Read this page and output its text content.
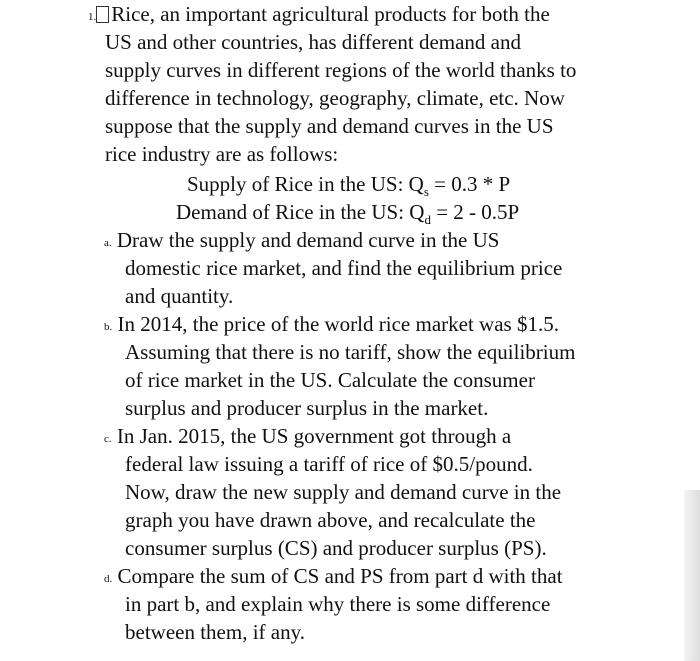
1. Rice, an important agricultural products for both the
US and other countries, has different demand and
supply curves in different regions of the world thanks to
difference in technology, geography, climate, etc. Now
suppose that the supply and demand curves in the US
rice industry are as follows:
Supply of Rice in the US: $Q_s = 0.3 * P$
Demand of Rice in the US: $Q_d = 2 - 0.5P$
a. Draw the supply and demand curve in the US
domestic rice market, and find the equilibrium price
and quantity.
b. In 2014, the price of the world rice market was $1.5.
Assuming that there is no tariff, show the equilibrium
of rice market in the US. Calculate the consumer
surplus and producer surplus in the market.
c. In Jan. 2015, the US government got through a
federal law issuing a tariff of rice of $0.5/pound.
Now, draw the new supply and demand curve in the
graph you have drawn above, and recalculate the
consumer surplus (CS) and producer surplus (PS).
d. Compare the sum of CS and PS from part d with that
in part b, and explain why there is some difference
between them, if any.
